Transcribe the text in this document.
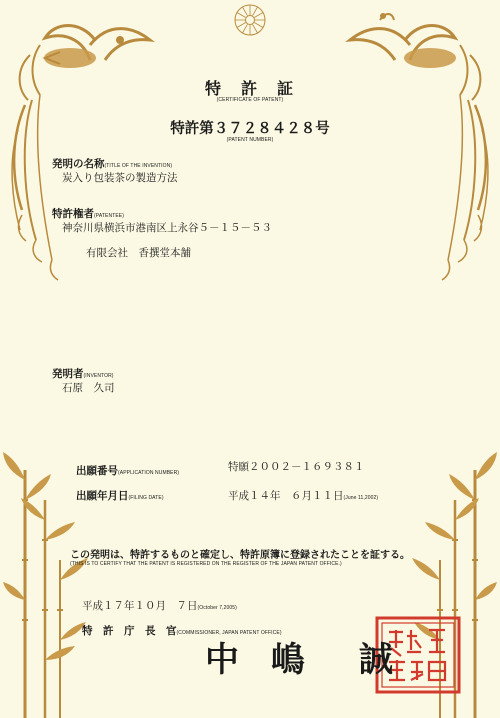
特　許　証
(CERTIFICATE OF PATENT)
特許第３７２８４２８号
(PATENT NUMBER)
発明の名称(TITLE OF THE INVENTION)
炭入り包装茶の製造方法
特許権者(PATENTEE)
神奈川県横浜市港南区上永谷５－１５－５３
有限会社　香撰堂本舗
発明者(INVENTOR)
石原　久司
出願番号(APPLICATION NUMBER)	特願２００２－１６９３８１
出願年月日(FILING DATE)	平成１４年　６月１１日(June 11,2002)
この発明は、特許するものと確定し、特許原簿に登録されたことを証する。
(THIS IS TO CERTIFY THAT THE PATENT IS REGISTERED ON THE REGISTER OF THE JAPAN PATENT OFFICE.)
平成１７年１０月　７日(October 7,2005)
特　許　庁　長　官(COMMISSIONER, JAPAN PATENT OFFICE)
中 嶋　誠
